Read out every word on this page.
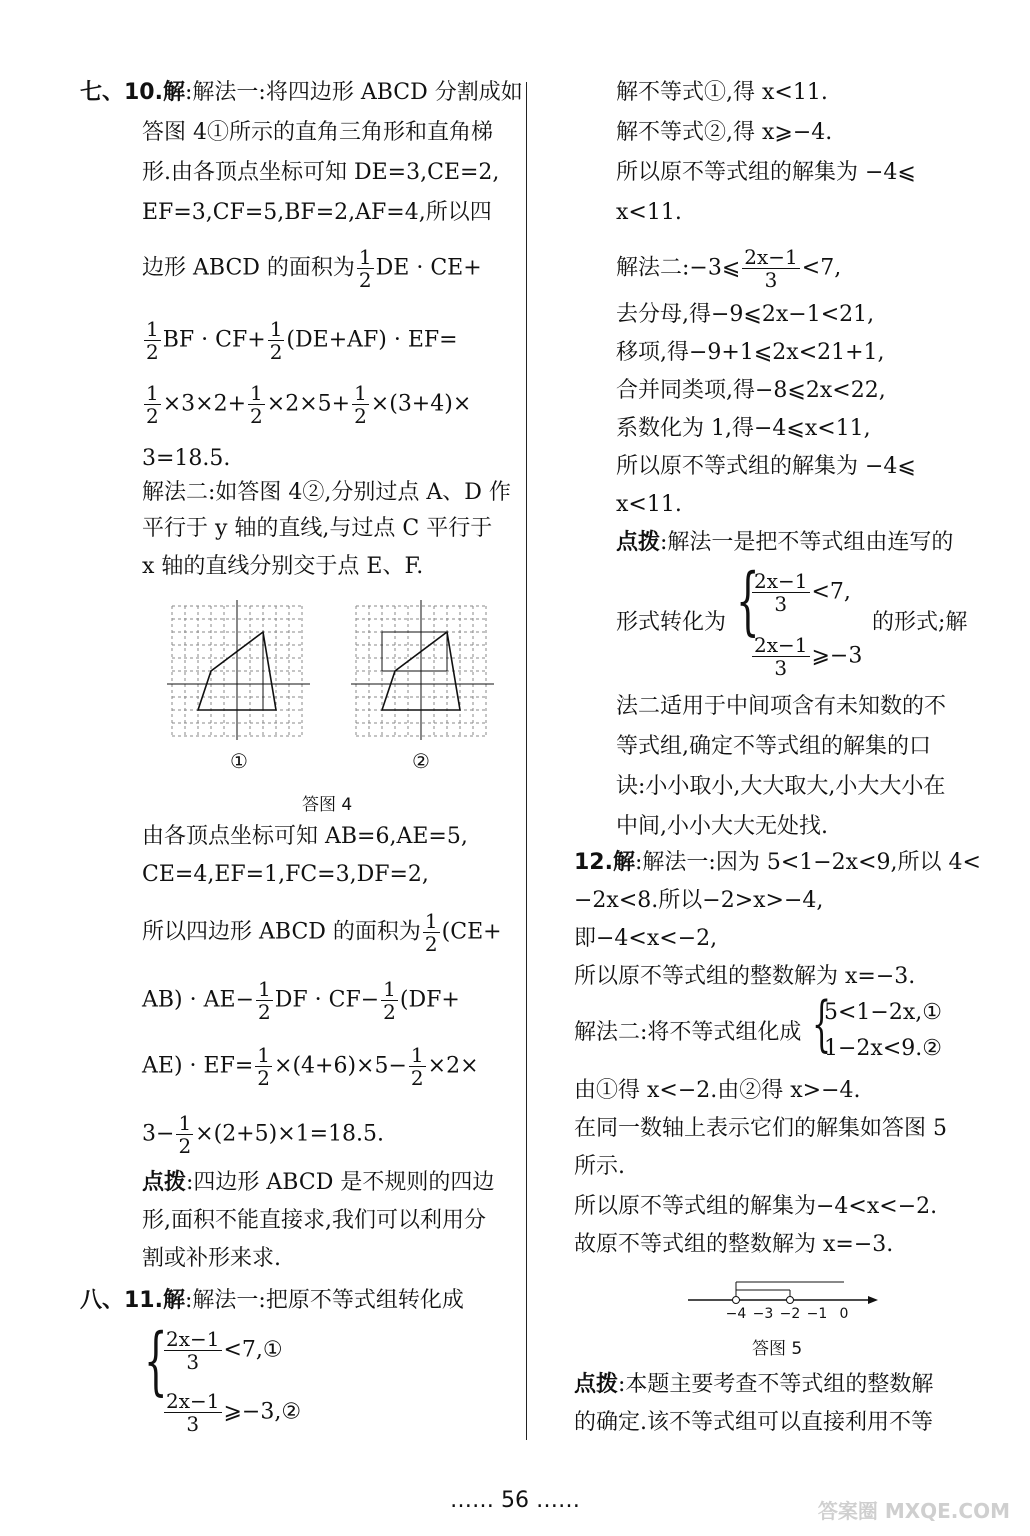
七、10.解:解法一:将四边形 ABCD 分割成如
答图 4①所示的直角三角形和直角梯
形.由各顶点坐标可知 DE=3,CE=2,
EF=3,CF=5,BF=2,AF=4,所以四
边形 ABCD 的面积为 $\frac{1}{2}$ DE · CE+
$\frac{1}{2}$ BF · $CF+ \frac{1}{2} (DE+AF) \cdot EF=$
$\frac{1}{2} \times 3\times 2+ \frac{1}{2} \times 2\times 5+ \frac{1}{2} \times(3+4)\times$
3=18.5.
解法二:如答图 4②,分别过点 A、D 作
平行于 y 轴的直线,与过点 C 平行于
x 轴的直线分别交于点 E、F.
①	②
答图 4
由各顶点坐标可知 AB=6,AE=5,
CE=4,EF=1,FC=3,DF=2,
所以四边形 ABCD 的面积为 $\frac{1}{2} (CE+$
$AB) \cdot AE- \frac{1}{2}$ DF · $CF- \frac{1}{2} (DF+$
$AE) \cdot EF= \frac{1}{2} \times(4+6)\times 5- \frac{1}{2} \times 2\times$
$3- \frac{1}{2} \times(2+5)\times 1=18.5$.
点拨:四边形 ABCD 是不规则的四边
形,面积不能直接求,我们可以利用分
割或补形来求.
八、11.解:解法一:把原不等式组转化成
{
$\frac{2x-1}{3}$ <7,①
$\frac{2x-1}{3}$ ⩾−3,②
解不等式①,得 x<11.
解不等式②,得 x⩾−4.
所以原不等式组的解集为 −4⩽
x<11.
解法二:−3⩽ $\frac{2x-1}{3} <7$,
去分母,得−9⩽2x−1<21,
移项,得−9+1⩽2x<21+1,
合并同类项,得−8⩽2x<22,
系数化为 1,得−4⩽x<11,
所以原不等式组的解集为 −4⩽
x<11.
点拨:解法一是把不等式组由连写的
形式转化为 {
$\frac{2x-1}{3} <7$,
$\frac{2x-1}{3}$ ⩾−3
的形式;解
法二适用于中间项含有未知数的不
等式组,确定不等式组的解集的口
诀:小小取小,大大取大,小大大小在
中间,小小大大无处找.
12.解:解法一:因为 5<1−2x<9,所以 4<
−2x<8.所以−2>x>−4,
即−4<x<−2,
所以原不等式组的整数解为 x=−3.
解法二:将不等式组化成 {
5<1−2x,①
1−2x<9.②
由①得 x<−2.由②得 x>−4.
在同一数轴上表示它们的解集如答图 5
所示.
所以原不等式组的解集为−4<x<−2.
故原不等式组的整数解为 x=−3.
−4 −3 −2 −1 0
答图 5
点拨:本题主要考查不等式组的整数解
的确定.该不等式组可以直接利用不等
…… 56 ……	答案圈 MXQE.COM
